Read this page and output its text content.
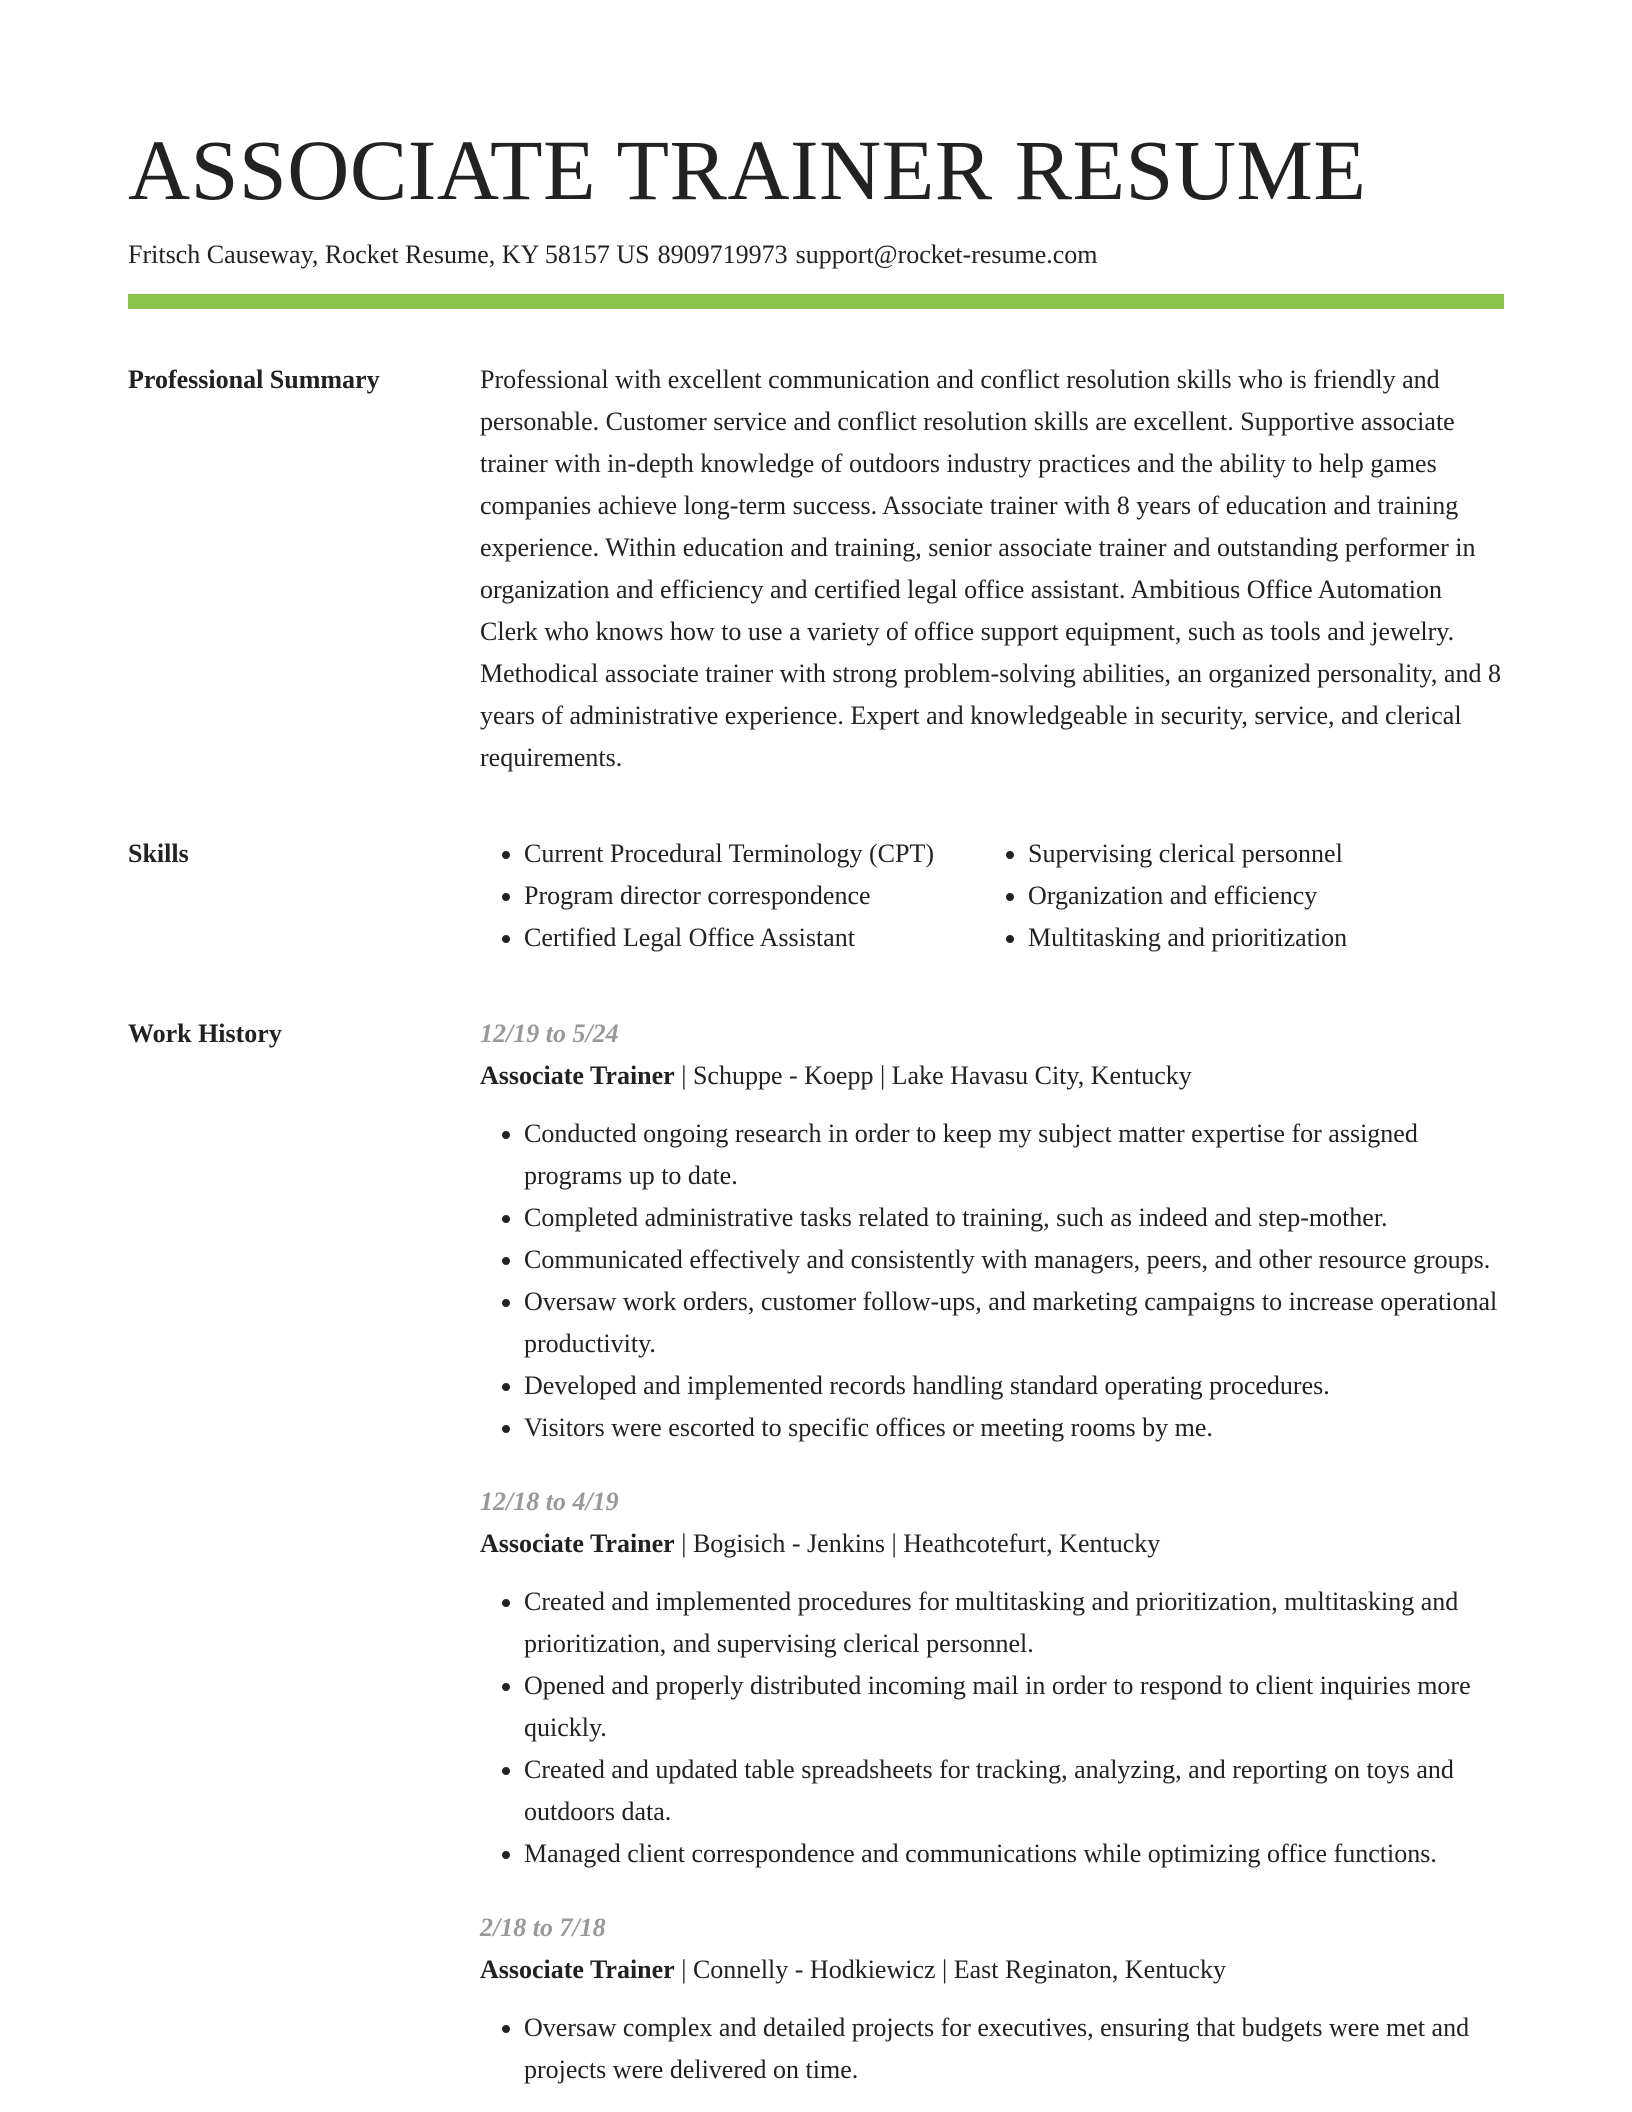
ASSOCIATE TRAINER RESUME
Fritsch Causeway, Rocket Resume, KY 58157 US 8909719973 support@rocket-resume.com
Professional Summary	Professional with excellent communication and conflict resolution skills who is friendly and personable. Customer service and conflict resolution skills are excellent. Supportive associate trainer with in-depth knowledge of outdoors industry practices and the ability to help games companies achieve long-term success. Associate trainer with 8 years of education and training experience. Within education and training, senior associate trainer and outstanding performer in organization and efficiency and certified legal office assistant. Ambitious Office Automation Clerk who knows how to use a variety of office support equipment, such as tools and jewelry. Methodical associate trainer with strong problem-solving abilities, an organized personality, and 8 years of administrative experience. Expert and knowledgeable in security, service, and clerical requirements.

Skills
•	Current Procedural Terminology (CPT)
• Program director correspondence
• Certified Legal Office Assistant
• Supervising clerical personnel
• Organization and efficiency
• Multitasking and prioritization
Work History	12/19 to 5/24
Associate Trainer | Schuppe - Koepp | Lake Havasu City, Kentucky
• Conducted ongoing research in order to keep my subject matter expertise for assigned programs up to date.
• Completed administrative tasks related to training, such as indeed and step-mother.
• Communicated effectively and consistently with managers, peers, and other resource groups.
• Oversaw work orders, customer follow-ups, and marketing campaigns to increase operational productivity.
• Developed and implemented records handling standard operating procedures.
• Visitors were escorted to specific offices or meeting rooms by me.
12/18 to 4/19
Associate Trainer | Bogisich - Jenkins | Heathcotefurt, Kentucky
• Created and implemented procedures for multitasking and prioritization, multitasking and prioritization, and supervising clerical personnel.
• Opened and properly distributed incoming mail in order to respond to client inquiries more quickly.
• Created and updated table spreadsheets for tracking, analyzing, and reporting on toys and outdoors data.
• Managed client correspondence and communications while optimizing office functions.
2/18 to 7/18
Associate Trainer | Connelly - Hodkiewicz | East Reginaton, Kentucky
• Oversaw complex and detailed projects for executives, ensuring that budgets were met and projects were delivered on time.
